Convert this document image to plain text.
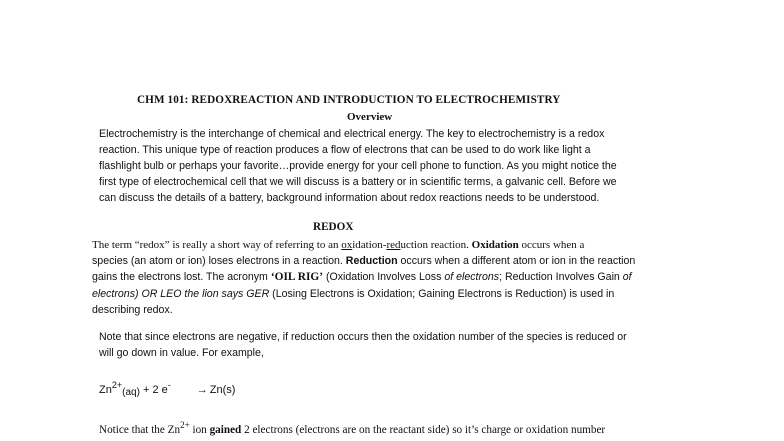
CHM 101: REDOXREACTION AND INTRODUCTION TO ELECTROCHEMISTRY
Overview
Electrochemistry is the interchange of chemical and electrical energy. The key to electrochemistry is a redox
reaction. This unique type of reaction produces a flow of electrons that can be used to do work like light a
flashlight bulb or perhaps your favorite…provide energy for your cell phone to function. As you might notice the
first type of electrochemical cell that we will discuss is a battery or in scientific terms, a galvanic cell. Before we
can discuss the details of a battery, background information about redox reactions needs to be understood.
REDOX
The term “redox” is really a short way of referring to an oxidation-reduction reaction. Oxidation occurs when a
species (an atom or ion) loses electrons in a reaction. Reduction occurs when a different atom or ion in the reaction
gains the electrons lost. The acronym ‘OIL RIG’ (Oxidation Involves Loss of electrons; Reduction Involves Gain of
electrons) OR LEO the lion says GER (Losing Electrons is Oxidation; Gaining Electrons is Reduction) is used in
describing redox.
Note that since electrons are negative, if reduction occurs then the oxidation number of the species is reduced or
will go down in value. For example,
$Zn^{2+}_{(aq)} + 2$ e- → Zn(s)
Notice that the $Zn^{2+}$ ion gained 2 electrons (electrons are on the reactant side) so it’s charge or oxidation number
